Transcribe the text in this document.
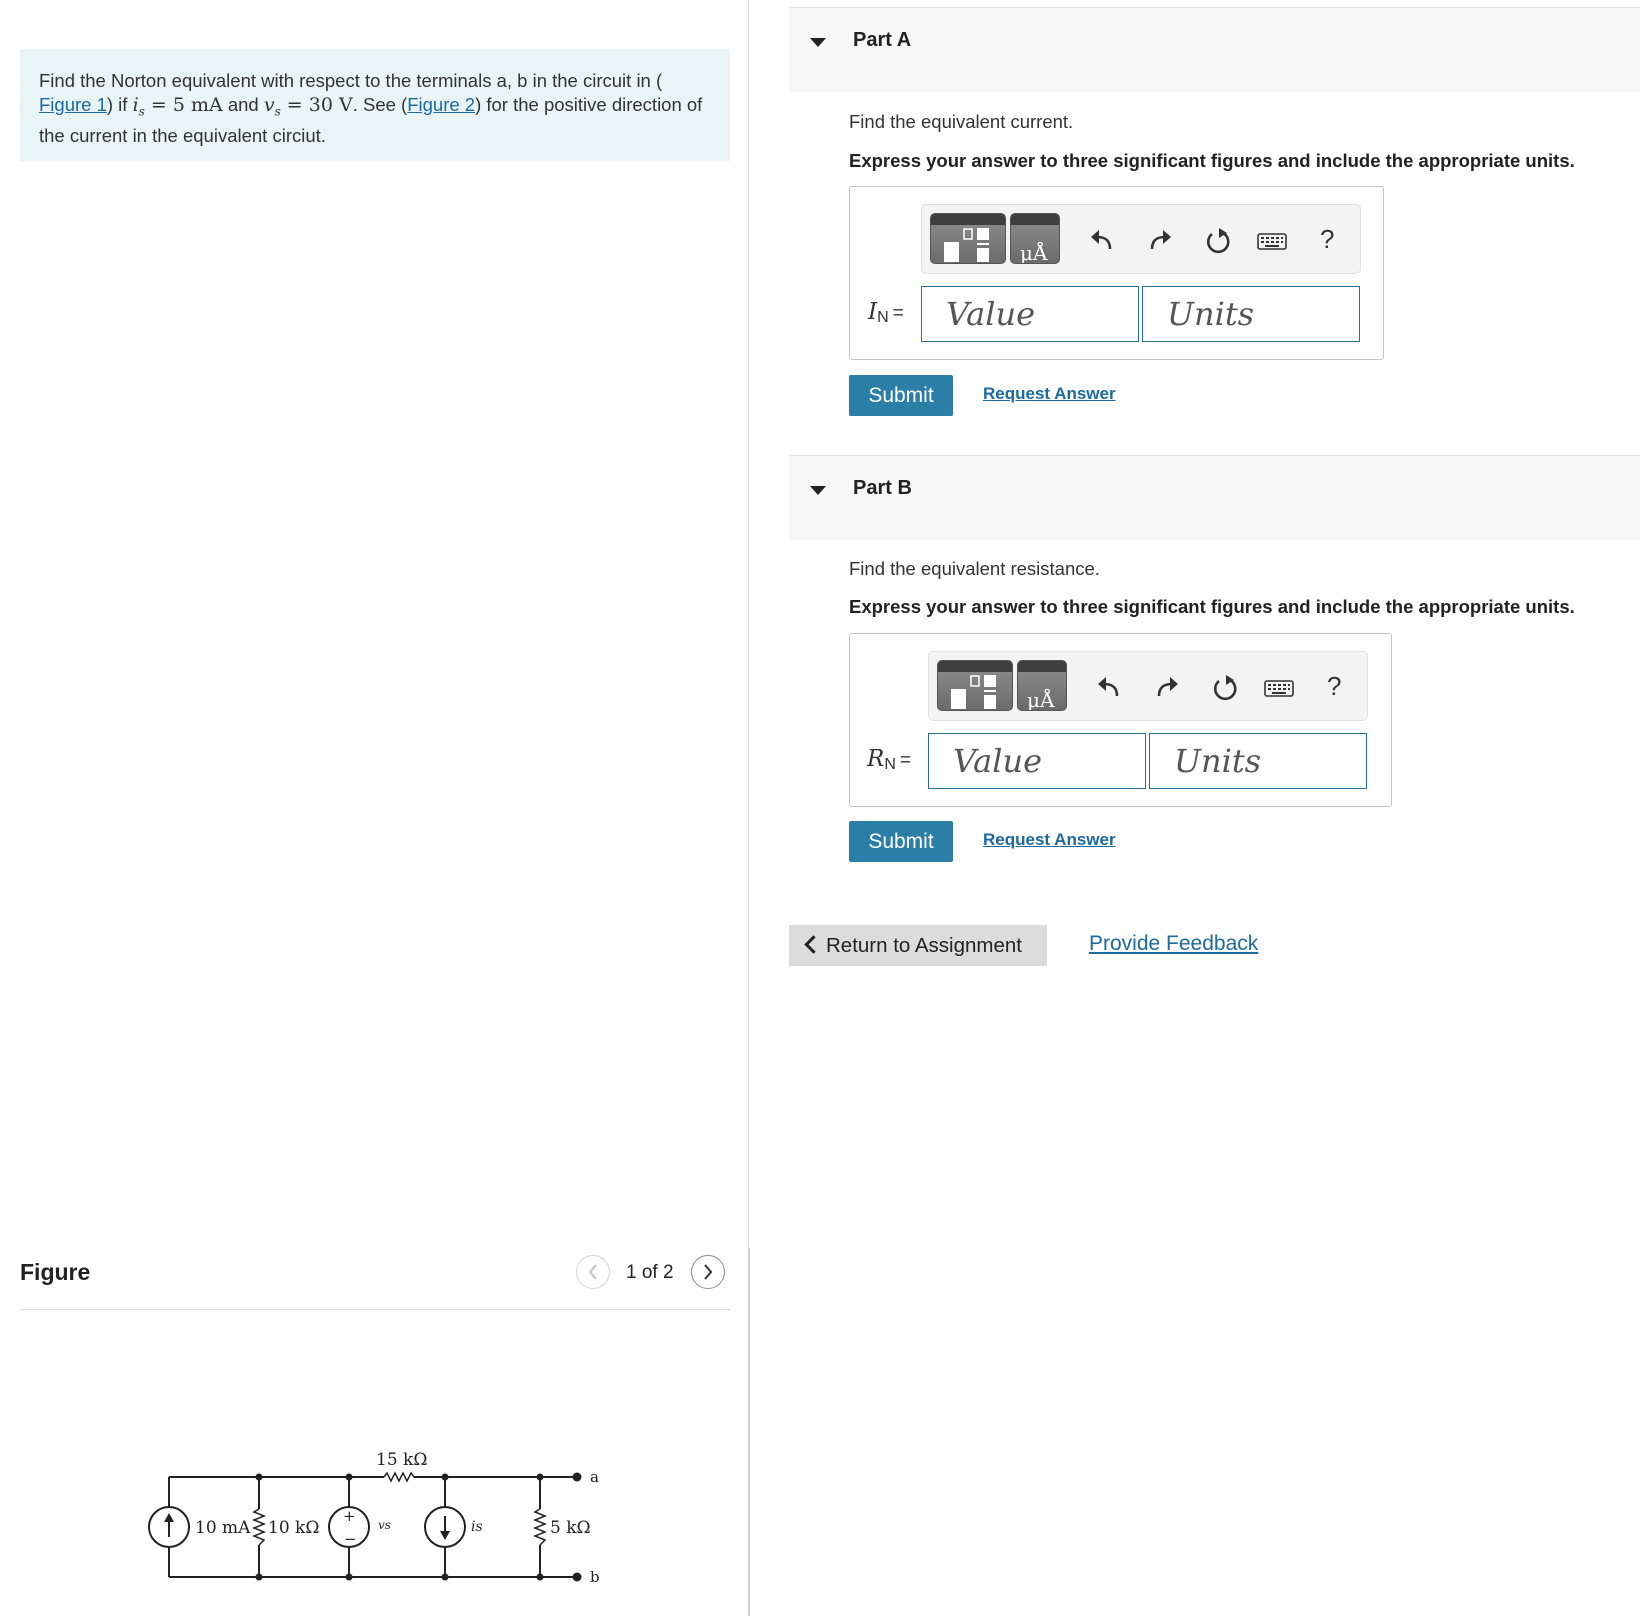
Find the Norton equivalent with respect to the terminals a, b in the circuit in (
Figure 1) if $i_s = 5$ mA and $v_s = 30$ V. See (Figure 2) for the positive direction of the current in the equivalent circiut.
Figure	1 of 2
15 kΩ
10 mA 10 kΩ
+
−
vs	is	5 kΩ
a
b
Part A
Find the equivalent current.
Express your answer to three significant figures and include the appropriate units.
μÅ	?
IN =
Value
Units
Submit	Request Answer
Part B
Find the equivalent resistance.
Express your answer to three significant figures and include the appropriate units.
μÅ	?
RN =
Value
Units
Submit	Request Answer
Return to Assignment	Provide Feedback
